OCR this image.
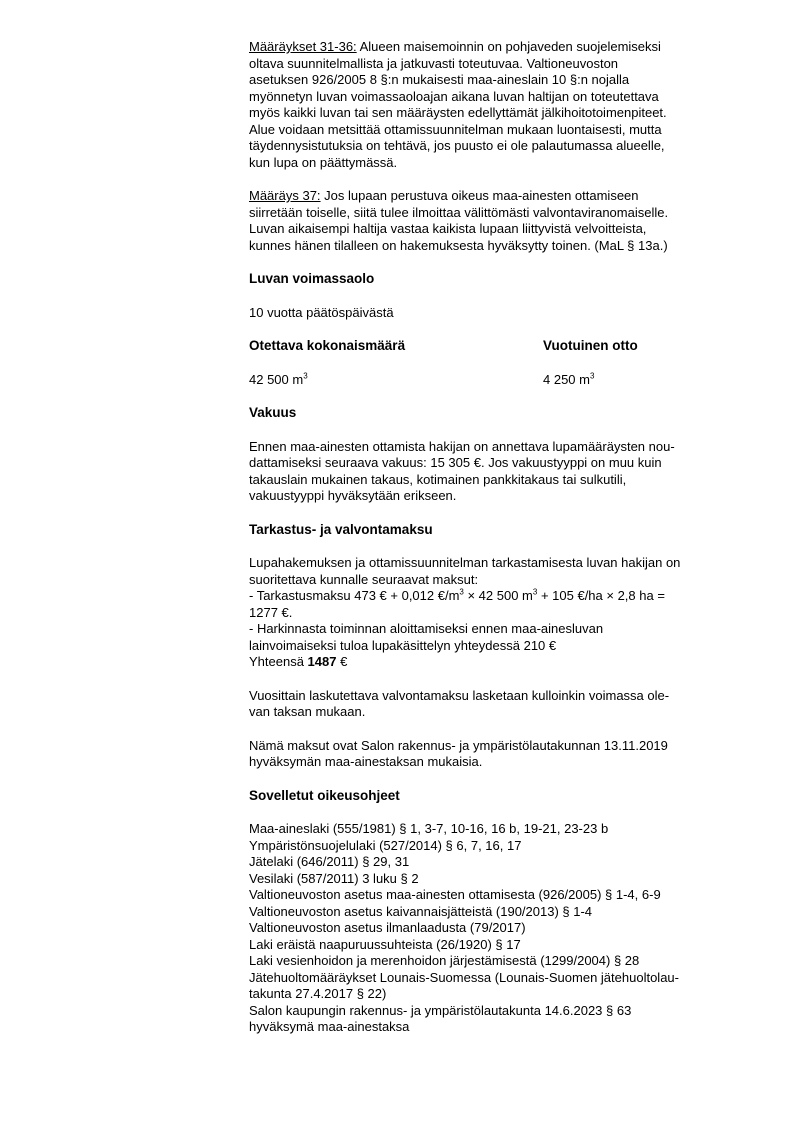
Määräykset 31-36: Alueen maisemoinnin on pohjaveden suojelemiseksi

oltava suunnitelmallista ja jatkuvasti toteutuvaa. Valtioneuvoston

asetuksen 926/2005 8 §:n mukaisesti maa-aineslain 10 §:n nojalla

myönnetyn luvan voimassaoloajan aikana luvan haltijan on toteutettava

myös kaikki luvan tai sen määräysten edellyttämät jälkihoitotoimenpiteet.

Alue voidaan metsittää ottamissuunnitelman mukaan luontaisesti, mutta

täydennysistutuksia on tehtävä, jos puusto ei ole palautumassa alueelle,

kun lupa on päättymässä.

Määräys 37: Jos lupaan perustuva oikeus maa-ainesten ottamiseen

siirretään toiselle, siitä tulee ilmoittaa välittömästi valvontaviranomaiselle.

Luvan aikaisempi haltija vastaa kaikista lupaan liittyvistä velvoitteista,

kunnes hänen tilalleen on hakemuksesta hyväksytty toinen. (MaL § 13a.)

Luvan voimassaolo

10 vuotta päätöspäivästä

Otettava kokonaismäärä	Vuotuinen otto

42 500 $m^3$	4 250 $m^3$

Vakuus

Ennen maa-ainesten ottamista hakijan on annettava lupamääräysten nou-

dattamiseksi seuraava vakuus: 15 305 €. Jos vakuustyyppi on muu kuin

takauslain mukainen takaus, kotimainen pankkitakaus tai sulkutili,

vakuustyyppi hyväksytään erikseen.

Tarkastus- ja valvontamaksu

Lupahakemuksen ja ottamissuunnitelman tarkastamisesta luvan hakijan on

suoritettava kunnalle seuraavat maksut:

- Tarkastusmaksu 473 € + 0,012 $€/m^3 \times 42$ 500 $m^3 + 105$ €/ha × 2,8 ha =

1277 €.

- Harkinnasta toiminnan aloittamiseksi ennen maa-ainesluvan

lainvoimaiseksi tuloa lupakäsittelyn yhteydessä 210 €

Yhteensä 1487 €

Vuosittain laskutettava valvontamaksu lasketaan kulloinkin voimassa ole-

van taksan mukaan.

Nämä maksut ovat Salon rakennus- ja ympäristölautakunnan 13.11.2019

hyväksymän maa-ainestaksan mukaisia.

Sovelletut oikeusohjeet

Maa-aineslaki (555/1981) § 1, 3-7, 10-16, 16 b, 19-21, 23-23 b

Ympäristönsuojelulaki (527/2014) § 6, 7, 16, 17

Jätelaki (646/2011) § 29, 31

Vesilaki (587/2011) 3 luku § 2

Valtioneuvoston asetus maa-ainesten ottamisesta (926/2005) § 1-4, 6-9

Valtioneuvoston asetus kaivannaisjätteistä (190/2013) § 1-4

Valtioneuvoston asetus ilmanlaadusta (79/2017)

Laki eräistä naapuruussuhteista (26/1920) § 17

Laki vesienhoidon ja merenhoidon järjestämisestä (1299/2004) § 28

Jätehuoltomääräykset Lounais-Suomessa (Lounais-Suomen jätehuoltolau-

takunta 27.4.2017 § 22)

Salon kaupungin rakennus- ja ympäristölautakunta 14.6.2023 § 63

hyväksymä maa-ainestaksa
